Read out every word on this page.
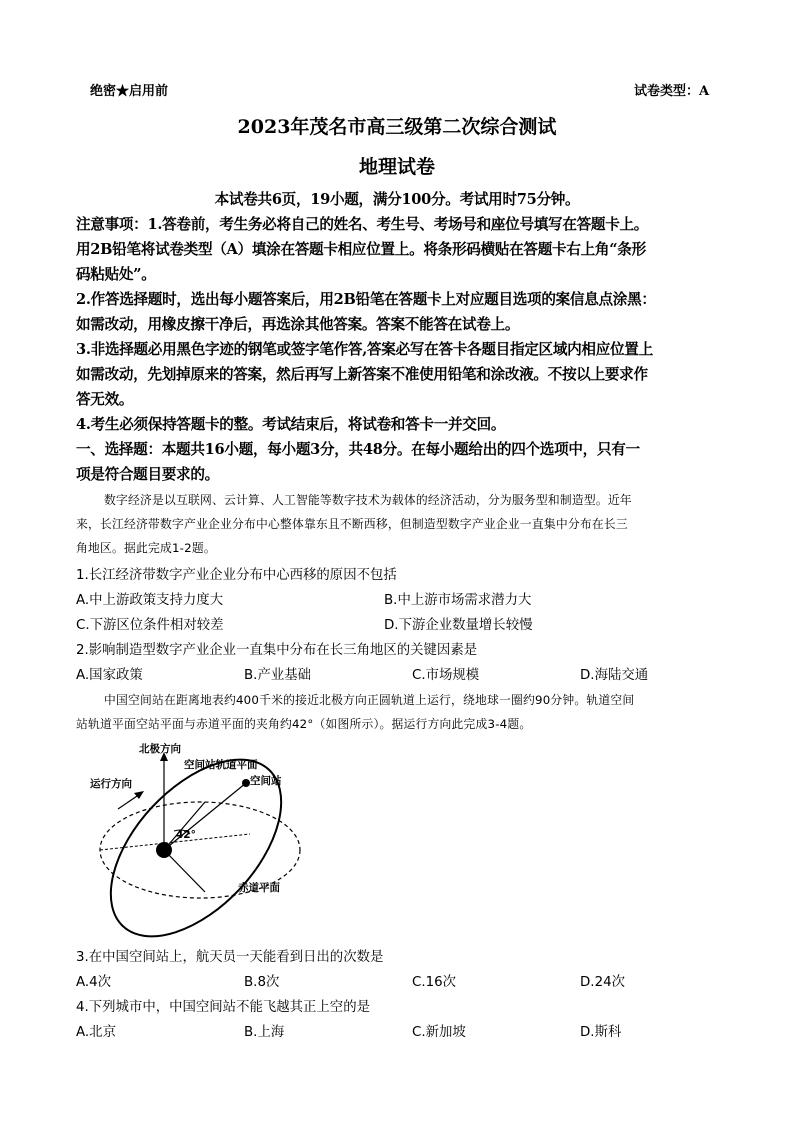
绝密★启用前	试卷类型：A
2023年茂名市高三级第二次综合测试
地理试卷
本试卷共6页，19小题，满分100分。考试用时75分钟。
注意事项：1.答卷前，考生务必将自己的姓名、考生号、考场号和座位号填写在答题卡上。
用2B铅笔将试卷类型（A）填涂在答题卡相应位置上。将条形码横贴在答题卡右上角“条形
码粘贴处”。
2.作答选择题时，选出每小题答案后，用2B铅笔在答题卡上对应题目选项的案信息点涂黑：
如需改动，用橡皮擦干净后，再选涂其他答案。答案不能答在试卷上。
3.非选择题必用黑色字迹的钢笔或签字笔作答,答案必写在答卡各题目指定区域内相应位置上
如需改动，先划掉原来的答案，然后再写上新答案不准使用铅笔和涂改液。不按以上要求作
答无效。
4.考生必须保持答题卡的整。考试结束后，将试卷和答卡一并交回。
一、选择题：本题共16小题，每小题3分，共48分。在每小题给出的四个选项中，只有一
项是符合题目要求的。
数字经济是以互联网、云计算、人工智能等数字技术为载体的经济活动，分为服务型和制造型。近年
来，长江经济带数字产业企业分布中心整体靠东且不断西移，但制造型数字产业企业一直集中分布在长三
角地区。据此完成1-2题。
1.长江经济带数字产业企业分布中心西移的原因不包括
A.中上游政策支持力度大	B.中上游市场需求潜力大
C.下游区位条件相对较差	D.下游企业数量增长较慢
2.影响制造型数字产业企业一直集中分布在长三角地区的关键因素是
A.国家政策	B.产业基础	C.市场规模	D.海陆交通
中国空间站在距离地表约400千米的接近北极方向正圆轨道上运行，绕地球一圈约90分钟。轨道空间
站轨道平面空站平面与赤道平面的夹角约42°（如图所示）。据运行方向此完成3-4题。
北极方向
空间站轨道平面
空间站
运行方向
42°
赤道平面
3.在中国空间站上，航天员一天能看到日出的次数是
A.4次	B.8次	C.16次	D.24次
4.下列城市中，中国空间站不能飞越其正上空的是
A.北京	B.上海	C.新加坡	D.斯科
